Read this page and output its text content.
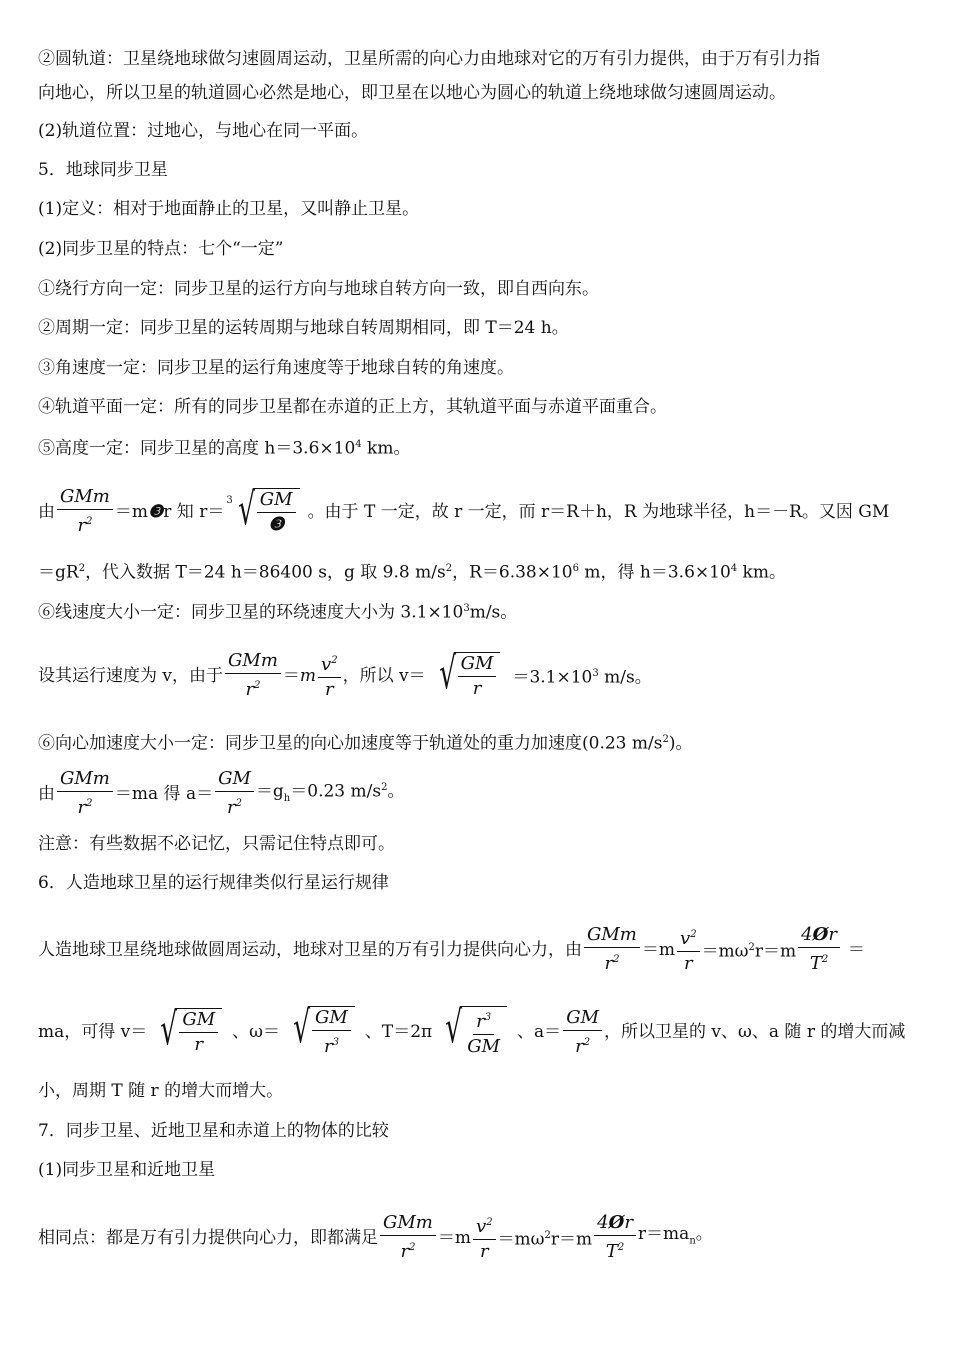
②圆轨道：卫星绕地球做匀速圆周运动，卫星所需的向心力由地球对它的万有引力提供，由于万有引力指
向地心，所以卫星的轨道圆心必然是地心，即卫星在以地心为圆心的轨道上绕地球做匀速圆周运动。
(2)轨道位置：过地心，与地心在同一平面。
5．地球同步卫星
(1)定义：相对于地面静止的卫星，又叫静止卫星。
(2)同步卫星的特点：七个“一定”
①绕行方向一定：同步卫星的运行方向与地球自转方向一致，即自西向东。
②周期一定：同步卫星的运转周期与地球自转周期相同，即 T＝24 h。
③角速度一定：同步卫星的运行角速度等于地球自转的角速度。
④轨道平面一定：所有的同步卫星都在赤道的正上方，其轨道平面与赤道平面重合。
⑤高度一定：同步卫星的高度 $h=3.6\times 10^4$ km。
由 $\frac{\text{GMm}}{r^2} =m$ ❸ r 知 r＝
3 √ $\frac{GM}{\text{❸}}$ 。由于 T 一定，故 r 一定，而 r＝R＋h，R 为地球半径，h＝－R。又因 GM
$=gR^2$，代入数据 T＝24 h＝86400 s，g 取 9.8 $m/s^2$，$R=6.38\times 10^6$ m，得 $h=3.6\times 10^4$ km。
⑥线速度大小一定：同步卫星的环绕速度大小为 $3.1\times 10^3m/s$。
设其运行速度为 v，由于 $\frac{\text{GMm}}{r^2} =m \frac{v^2}{r}$ ，所以 v＝ √ $\frac{GM}{r} =3.1\times 10^3$ m/s。
⑥向心加速度大小一定：同步卫星的向心加速度等于轨道处的重力加速度(0.23 $m/s^2$)。
由 $\frac{\text{GMm}}{r^2} =ma$ 得 $a= \frac{GM}{r^2} =g_h=0.23$ $m/s^2$。
注意：有些数据不必记忆，只需记住特点即可。
6．人造地球卫星的运行规律类似行星运行规律
人造地球卫星绕地球做圆周运动，地球对卫星的万有引力提供向心力，由 $\frac{\text{GMm}}{r^2} =m \frac{v^2}{r} =m\omega^2r=m \frac{4Ør}{T^2}$ ＝
ma，可得 v＝ √ $\frac{GM}{r}$ 、ω＝ √ $\frac{GM}{r^3}$ 、T＝2π √ $\frac{r^3}{GM}$ 、$a= \frac{GM}{r^2}$ ，所以卫星的 v、ω、a 随 r 的增大而减
小，周期 T 随 r 的增大而增大。
7．同步卫星、近地卫星和赤道上的物体的比较
(1)同步卫星和近地卫星
相同点：都是万有引力提供向心力，即都满足 $\frac{\text{GMm}}{r^2} =m \frac{v^2}{r} =m\omega^2r=m \frac{4Ør}{T^2} r=ma_n$。
